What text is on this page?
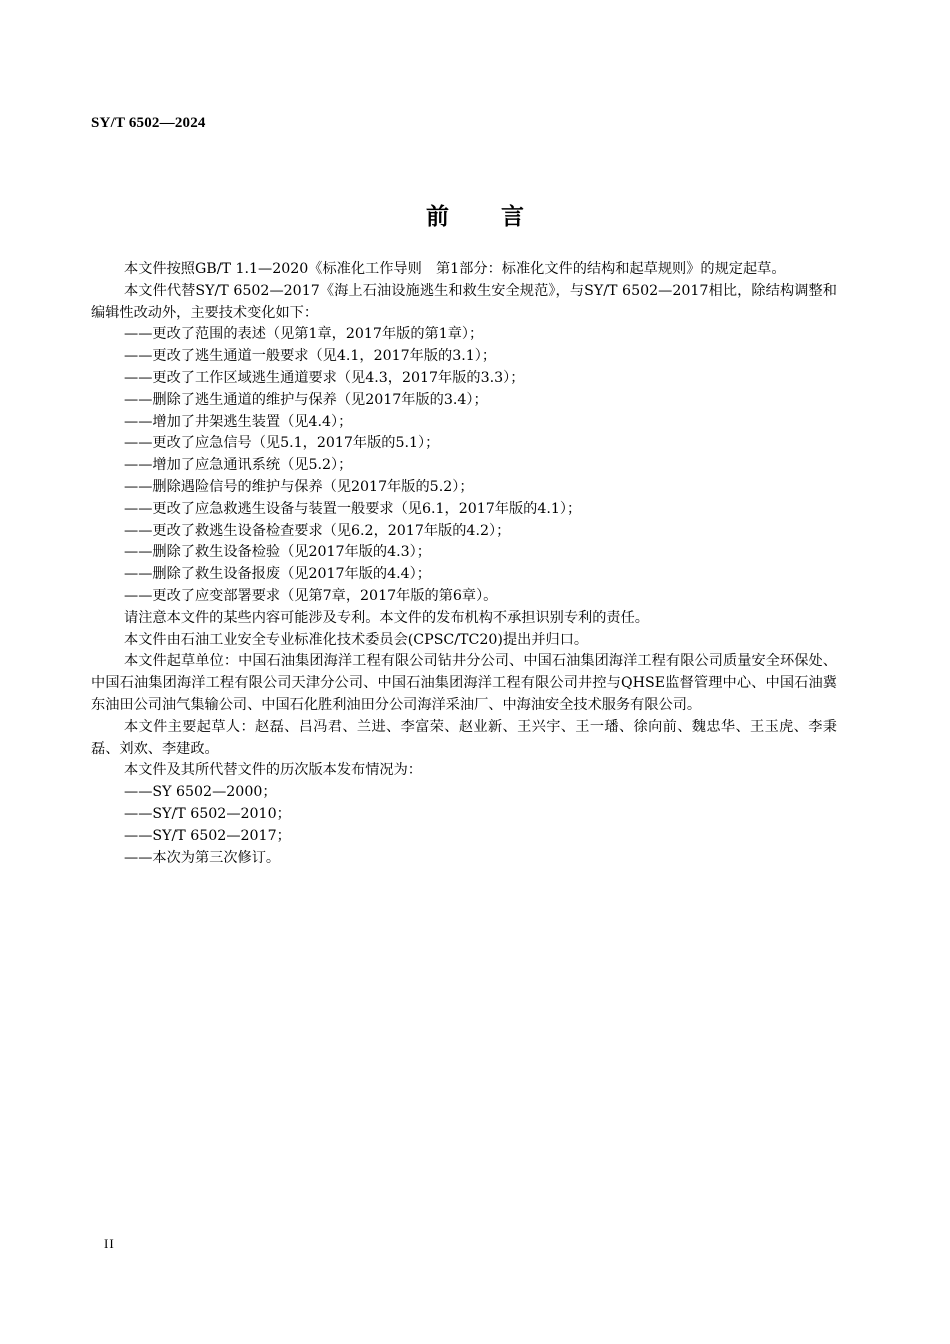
SY/T 6502—2024
前 言

本文件按照GB/T 1.1—2020《标准化工作导则　第1部分：标准化文件的结构和起草规则》的规定起草。

本文件代替SY/T 6502—2017《海上石油设施逃生和救生安全规范》，与SY/T 6502—2017相比，除结构调整和编辑性改动外，主要技术变化如下：

——更改了范围的表述（见第1章，2017年版的第1章）；

——更改了逃生通道一般要求（见4.1，2017年版的3.1）；

——更改了工作区域逃生通道要求（见4.3，2017年版的3.3）；

——删除了逃生通道的维护与保养（见2017年版的3.4）；

——增加了井架逃生装置（见4.4）；

——更改了应急信号（见5.1，2017年版的5.1）；

——增加了应急通讯系统（见5.2）；

——删除遇险信号的维护与保养（见2017年版的5.2）；

——更改了应急救逃生设备与装置一般要求（见6.1，2017年版的4.1）；

——更改了救逃生设备检查要求（见6.2，2017年版的4.2）；

——删除了救生设备检验（见2017年版的4.3）；

——删除了救生设备报废（见2017年版的4.4）；

——更改了应变部署要求（见第7章，2017年版的第6章）。

请注意本文件的某些内容可能涉及专利。本文件的发布机构不承担识别专利的责任。

本文件由石油工业安全专业标准化技术委员会(CPSC/TC20)提出并归口。

本文件起草单位：中国石油集团海洋工程有限公司钻井分公司、中国石油集团海洋工程有限公司质量安全环保处、中国石油集团海洋工程有限公司天津分公司、中国石油集团海洋工程有限公司井控与QHSE监督管理中心、中国石油冀东油田公司油气集输公司、中国石化胜利油田分公司海洋采油厂、中海油安全技术服务有限公司。

本文件主要起草人：赵磊、吕冯君、兰进、李富荣、赵业新、王兴宇、王一璠、徐向前、魏忠华、王玉虎、李秉磊、刘欢、李建政。

本文件及其所代替文件的历次版本发布情况为：

——SY 6502—2000；

——SY/T 6502—2010；

——SY/T 6502—2017；

——本次为第三次修订。

II
